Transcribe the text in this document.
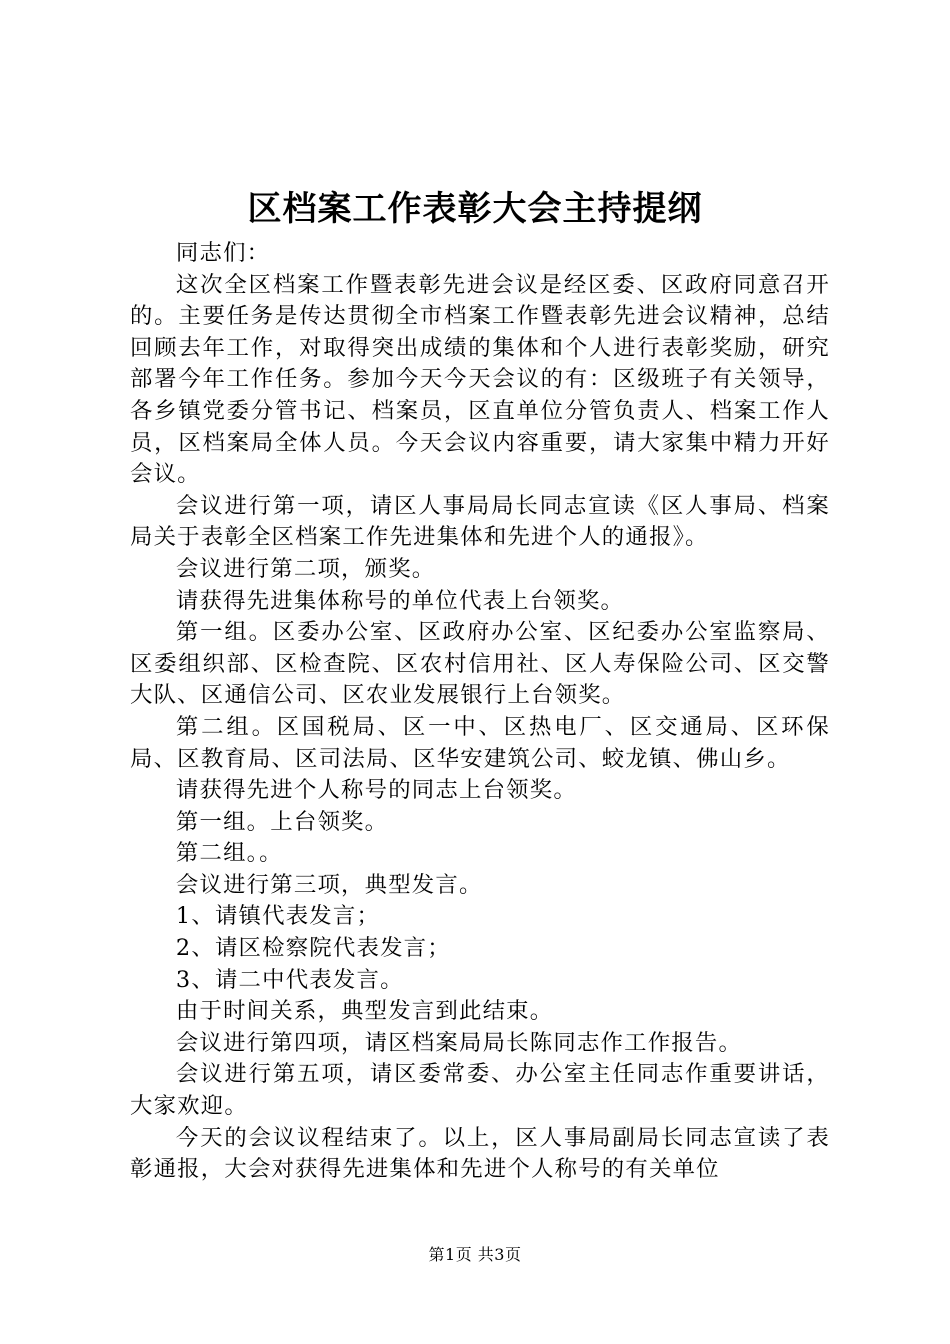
区档案工作表彰大会主持提纲

同志们：

这次全区档案工作暨表彰先进会议是经区委、区政府同意召开的。主要任务是传达贯彻全市档案工作暨表彰先进会议精神，总结回顾去年工作，对取得突出成绩的集体和个人进行表彰奖励，研究部署今年工作任务。参加今天今天会议的有：区级班子有关领导，各乡镇党委分管书记、档案员，区直单位分管负责人、档案工作人员，区档案局全体人员。今天会议内容重要，请大家集中精力开好会议。

会议进行第一项，请区人事局局长同志宣读《区人事局、档案局关于表彰全区档案工作先进集体和先进个人的通报》。

会议进行第二项，颁奖。

请获得先进集体称号的单位代表上台领奖。

第一组。区委办公室、区政府办公室、区纪委办公室监察局、区委组织部、区检查院、区农村信用社、区人寿保险公司、区交警大队、区通信公司、区农业发展银行上台领奖。

第二组。区国税局、区一中、区热电厂、区交通局、区环保局、区教育局、区司法局、区华安建筑公司、蛟龙镇、佛山乡。

请获得先进个人称号的同志上台领奖。

第一组。上台领奖。

第二组。。

会议进行第三项，典型发言。

1、请镇代表发言；

2、请区检察院代表发言；

3、请二中代表发言。

由于时间关系，典型发言到此结束。

会议进行第四项，请区档案局局长陈同志作工作报告。

会议进行第五项，请区委常委、办公室主任同志作重要讲话，大家欢迎。

今天的会议议程结束了。以上，区人事局副局长同志宣读了表彰通报，大会对获得先进集体和先进个人称号的有关单位

第1页 共3页
